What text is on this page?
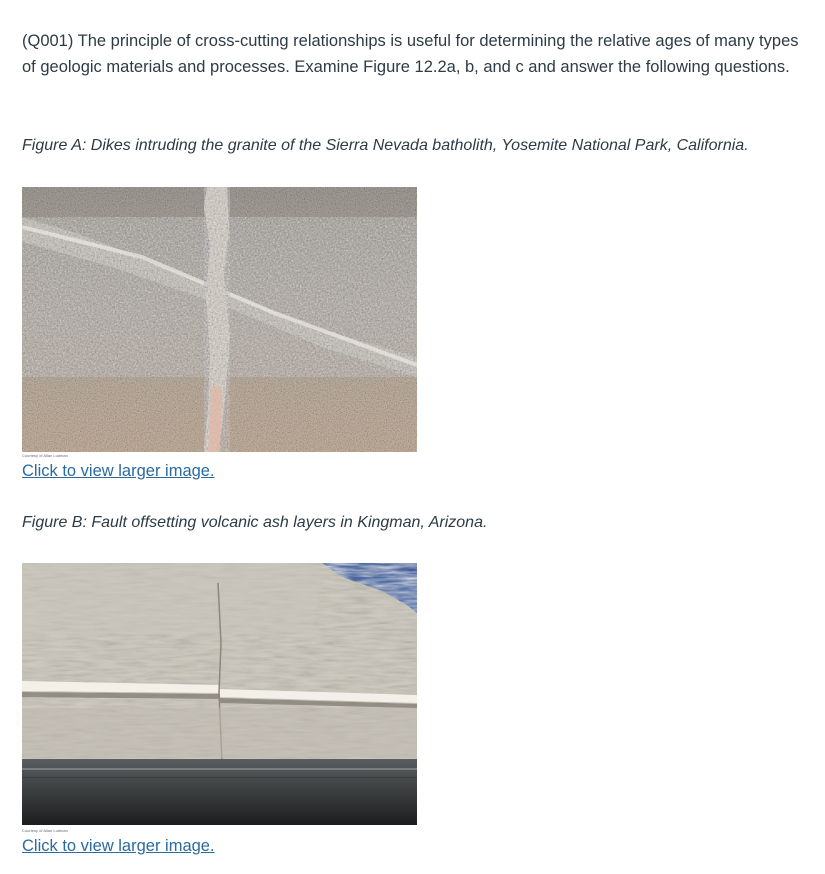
(Q001) The principle of cross-cutting relationships is useful for determining the relative ages of many types of geologic materials and processes. Examine Figure 12.2a, b, and c and answer the following questions.
Figure A: Dikes intruding the granite of the Sierra Nevada batholith, Yosemite National Park, California.
Courtesy of Allan Ludman
Click to view larger image.
Figure B: Fault offsetting volcanic ash layers in Kingman, Arizona.
Courtesy of Allan Ludman
Click to view larger image.
